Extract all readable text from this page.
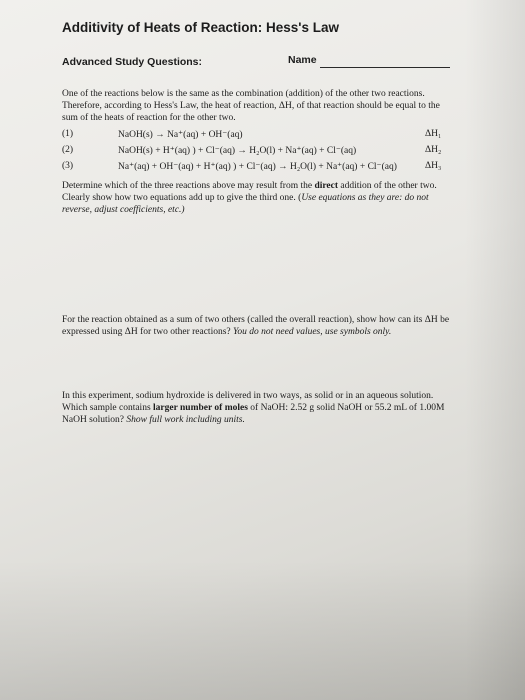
Additivity of Heats of Reaction: Hess's Law
Advanced Study Questions:	Name
One of the reactions below is the same as the combination (addition) of the other two reactions.
Therefore, according to Hess's Law, the heat of reaction, ΔH, of that reaction should be equal to the
sum of the heats of reaction for the other two.
(1)	NaOH(s) → Na⁺(aq) + OH⁻(aq)	ΔH₁
(2)	NaOH(s) + H⁺(aq) ) + Cl⁻(aq) → H₂O(l) + Na⁺(aq) + Cl⁻(aq)	ΔH₂
(3)	Na⁺(aq) + OH⁻(aq) + H⁺(aq) ) + Cl⁻(aq) → H₂O(l) + Na⁺(aq) + Cl⁻(aq)	ΔH₃
Determine which of the three reactions above may result from the direct addition of the other two.
Clearly show how two equations add up to give the third one. (Use equations as they are: do not
reverse, adjust coefficients, etc.)
For the reaction obtained as a sum of two others (called the overall reaction), show how can its ΔH be
expressed using ΔH for two other reactions? You do not need values, use symbols only.
In this experiment, sodium hydroxide is delivered in two ways, as solid or in an aqueous solution.
Which sample contains larger number of moles of NaOH: 2.52 g solid NaOH or 55.2 mL of 1.00M
NaOH solution? Show full work including units.
